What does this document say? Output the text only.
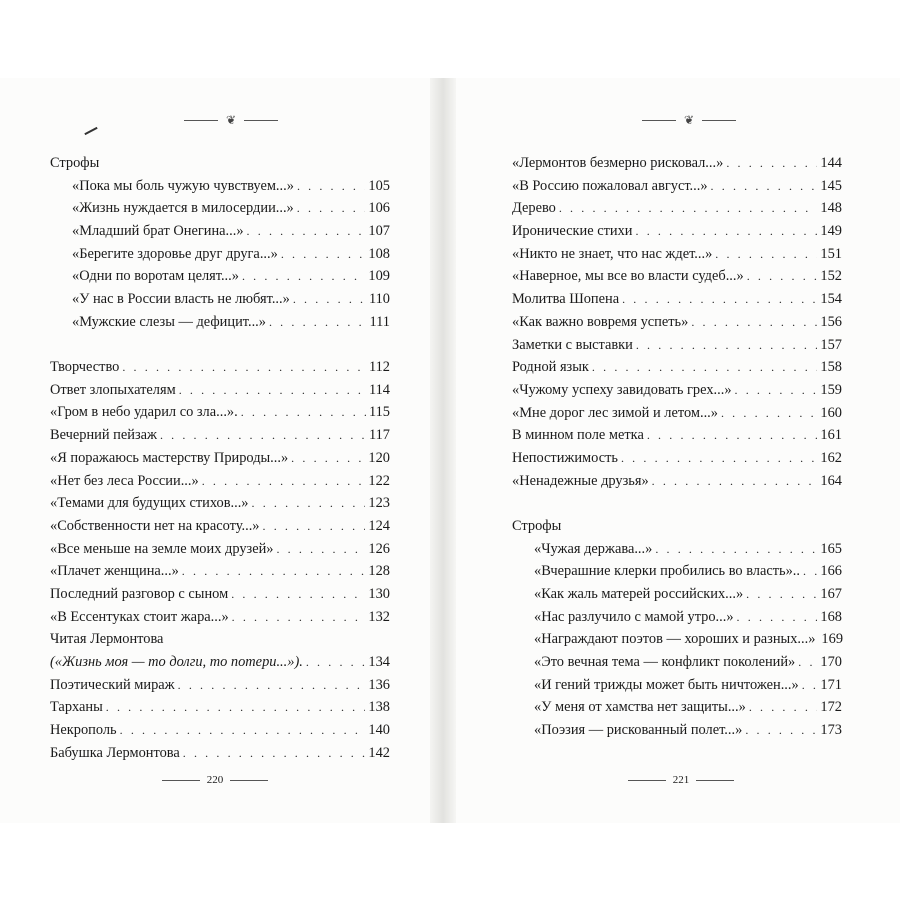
❦	❦
Строфы
«Пока мы боль чужую чувствуем...» . . .	105
«Жизнь нуждается в милосердии...» . . .	106
«Младший брат Онегина...» . . .	107
«Берегите здоровье друг друга...» . . .	108
«Одни по воротам целят...» . . .	109
«У нас в России власть не любят...» . . .	110
«Мужские слезы — дефицит...» . . .	111
Творчество . . .	112
Ответ злопыхателям . . .	114
«Гром в небо ударил со зла...». . . .	115
Вечерний пейзаж . . .	117
«Я поражаюсь мастерству Природы...» . . .	120
«Нет без леса России...» . . .	122
«Темами для будущих стихов...» . . .	123
«Собственности нет на красоту...» . . .	124
«Все меньше на земле моих друзей» . . .	126
«Плачет женщина...» . . .	128
Последний разговор с сыном . . .	130
«В Ессентуках стоит жара...» . . .	132
Читая Лермонтова
(«Жизнь моя — то долги, то потери...»). . . .	134
Поэтический мираж . . .	136
Тарханы . . .	138
Некрополь . . .	140
Бабушка Лермонтова . . .	142
«Лермонтов безмерно рисковал...» . . .	144
«В Россию пожаловал август...» . . .	145
Дерево . . .	148
Иронические стихи . . .	149
«Никто не знает, что нас ждет...» . . .	151
«Наверное, мы все во власти судеб...» . . .	152
Молитва Шопена . . .	154
«Как важно вовремя успеть» . . .	156
Заметки с выставки . . .	157
Родной язык . . .	158
«Чужому успеху завидовать грех...» . . .	159
«Мне дорог лес зимой и летом...» . . .	160
В минном поле метка . . .	161
Непостижимость . . .	162
«Ненадежные друзья» . . .	164
Строфы
«Чужая держава...» . . .	165
«Вчерашние клерки пробились во власть».. . . . 166
«Как жаль матерей российских...» . . .	167
«Нас разлучило с мамой утро...» . . .	168
«Награждают поэтов — хороших и разных...» 169
«Это вечная тема — конфликт поколений» . . . 170
«И гений трижды может быть ничтожен...» . . . 171
«У меня от хамства нет защиты...» . . .	172
«Поэзия — рискованный полет...» . . .	173
220	221
